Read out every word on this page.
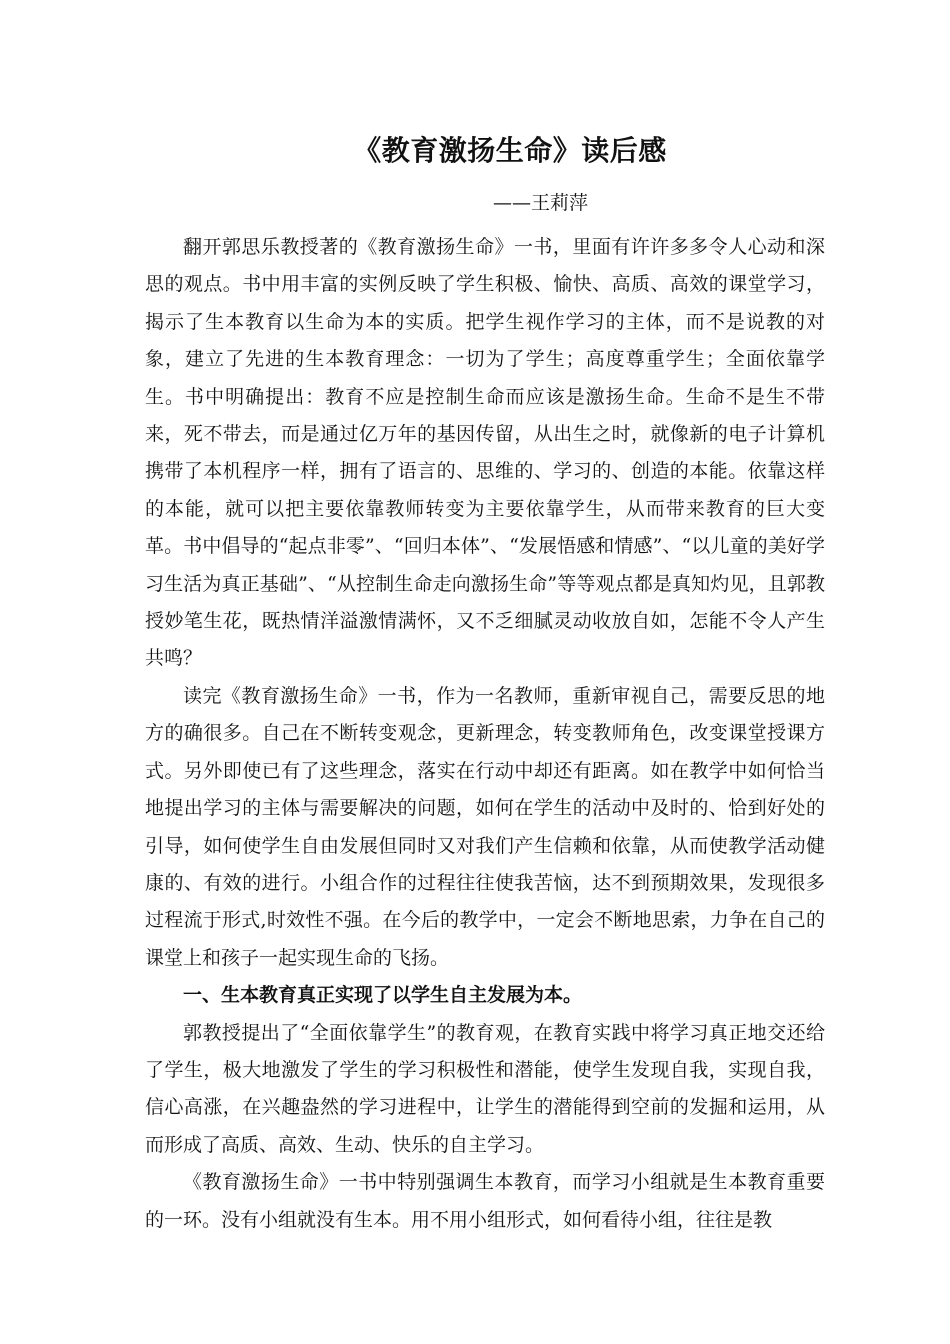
《教育激扬生命》读后感
——王莉萍

翻开郭思乐教授著的《教育激扬生命》一书，里面有许许多多令人心动和深思的观点。书中用丰富的实例反映了学生积极、愉快、高质、高效的课堂学习，揭示了生本教育以生命为本的实质。把学生视作学习的主体，而不是说教的对象，建立了先进的生本教育理念：一切为了学生；高度尊重学生；全面依靠学生。书中明确提出：教育不应是控制生命而应该是激扬生命。生命不是生不带来，死不带去，而是通过亿万年的基因传留，从出生之时，就像新的电子计算机携带了本机程序一样，拥有了语言的、思维的、学习的、创造的本能。依靠这样的本能，就可以把主要依靠教师转变为主要依靠学生，从而带来教育的巨大变革。书中倡导的“起点非零”、“回归本体”、“发展悟感和情感”、“以儿童的美好学习生活为真正基础”、“从控制生命走向激扬生命”等等观点都是真知灼见，且郭教授妙笔生花，既热情洋溢激情满怀，又不乏细腻灵动收放自如，怎能不令人产生共鸣？

读完《教育激扬生命》一书，作为一名教师，重新审视自己，需要反思的地方的确很多。自己在不断转变观念，更新理念，转变教师角色，改变课堂授课方式。另外即使已有了这些理念，落实在行动中却还有距离。如在教学中如何恰当地提出学习的主体与需要解决的问题，如何在学生的活动中及时的、恰到好处的引导，如何使学生自由发展但同时又对我们产生信赖和依靠，从而使教学活动健康的、有效的进行。小组合作的过程往往使我苦恼，达不到预期效果，发现很多过程流于形式,时效性不强。在今后的教学中，一定会不断地思索，力争在自己的课堂上和孩子一起实现生命的飞扬。

一、生本教育真正实现了以学生自主发展为本。

郭教授提出了“全面依靠学生”的教育观，在教育实践中将学习真正地交还给了学生，极大地激发了学生的学习积极性和潜能，使学生发现自我，实现自我，信心高涨，在兴趣盎然的学习进程中，让学生的潜能得到空前的发掘和运用，从而形成了高质、高效、生动、快乐的自主学习。

《教育激扬生命》一书中特别强调生本教育，而学习小组就是生本教育重要的一环。没有小组就没有生本。用不用小组形式，如何看待小组，往往是教
